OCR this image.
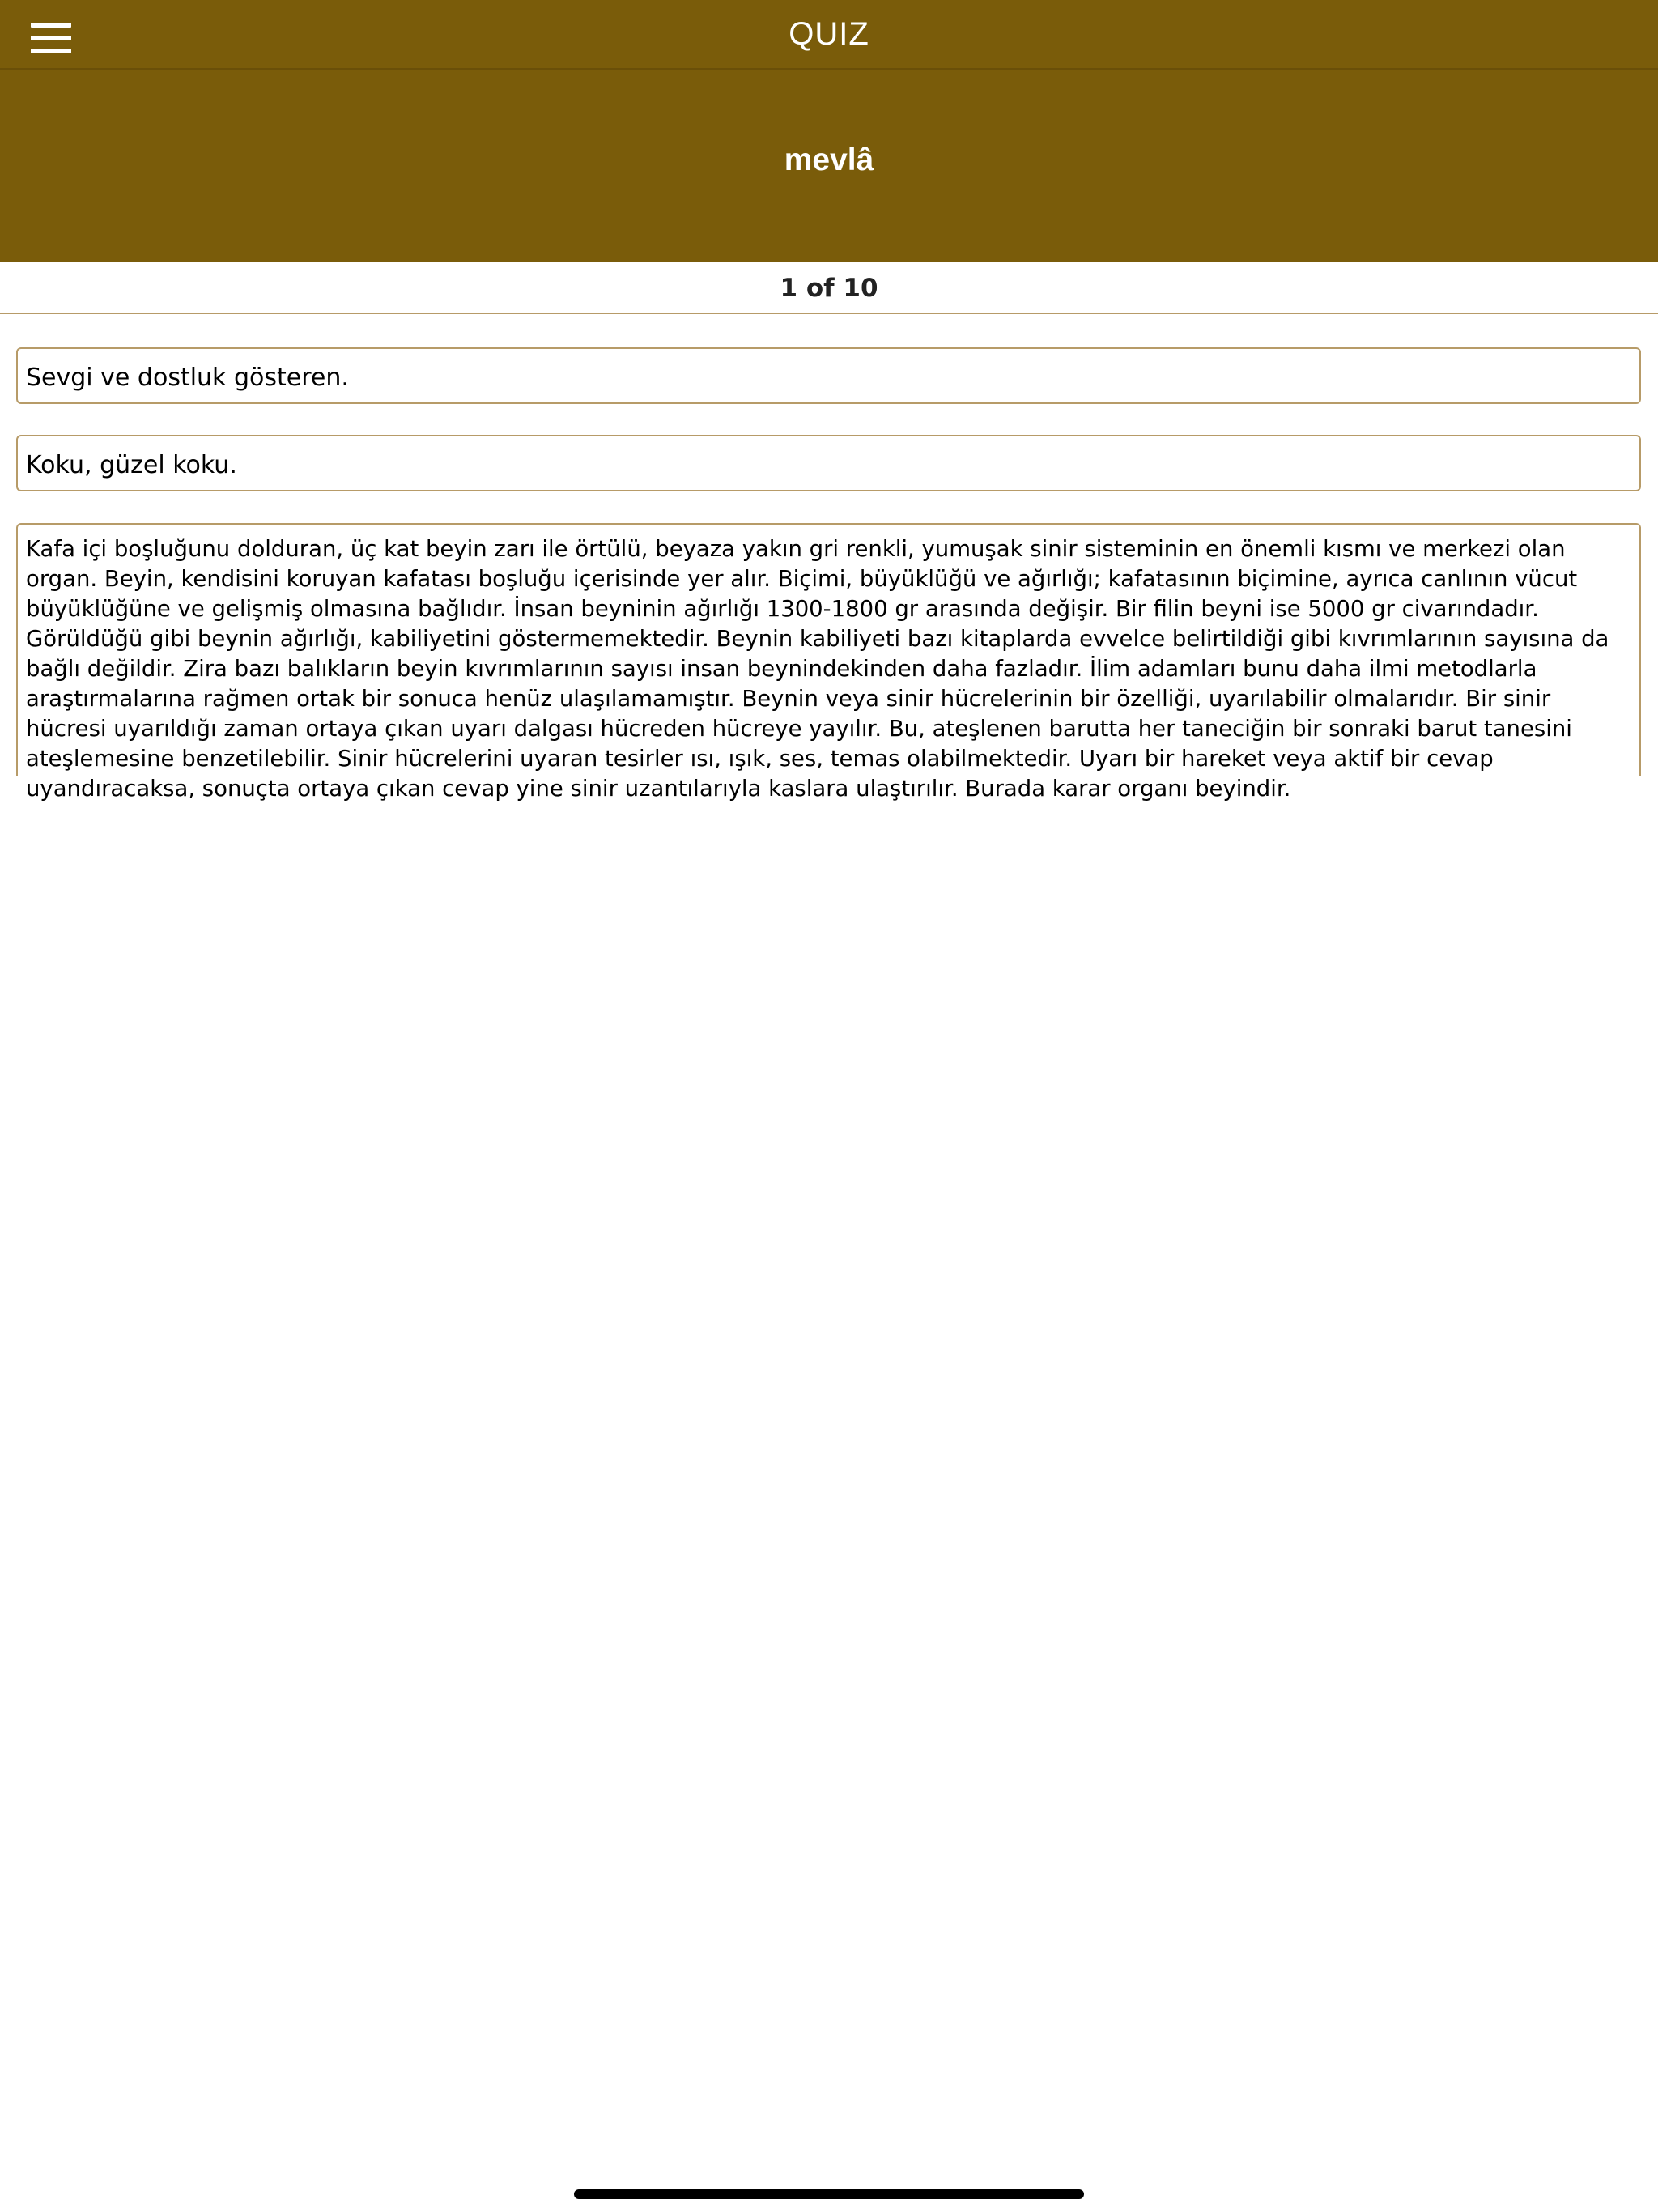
QUIZ
mevlâ
1 of 10
Sevgi ve dostluk gösteren.
Koku, güzel koku.
Kafa içi boşluğunu dolduran, üç kat beyin zarı ile örtülü, beyaza yakın gri renkli, yumuşak sinir sisteminin en önemli kısmı ve merkezi olan organ. Beyin, kendisini koruyan kafatası boşluğu içerisinde yer alır. Biçimi, büyüklüğü ve ağırlığı; kafatasının biçimine, ayrıca canlının vücut büyüklüğüne ve gelişmiş olmasına bağlıdır. İnsan beyninin ağırlığı 1300-1800 gr arasında değişir. Bir filin beyni ise 5000 gr civarındadır. Görüldüğü gibi beynin ağırlığı, kabiliyetini göstermemektedir. Beynin kabiliyeti bazı kitaplarda evvelce belirtildiği gibi kıvrımlarının sayısına da bağlı değildir. Zira bazı balıkların beyin kıvrımlarının sayısı insan beynindekinden daha fazladır. İlim adamları bunu daha ilmi metodlarla araştırmalarına rağmen ortak bir sonuca henüz ulaşılamamıştır. Beynin veya sinir hücrelerinin bir özelliği, uyarılabilir olmalarıdır. Bir sinir hücresi uyarıldığı zaman ortaya çıkan uyarı dalgası hücreden hücreye yayılır. Bu, ateşlenen barutta her taneciğin bir sonraki barut tanesini ateşlemesine benzetilebilir. Sinir hücrelerini uyaran tesirler ısı, ışık, ses, temas olabilmektedir. Uyarı bir hareket veya aktif bir cevap uyandıracaksa, sonuçta ortaya çıkan cevap yine sinir uzantılarıyla kaslara ulaştırılır. Burada karar organı beyindir.
